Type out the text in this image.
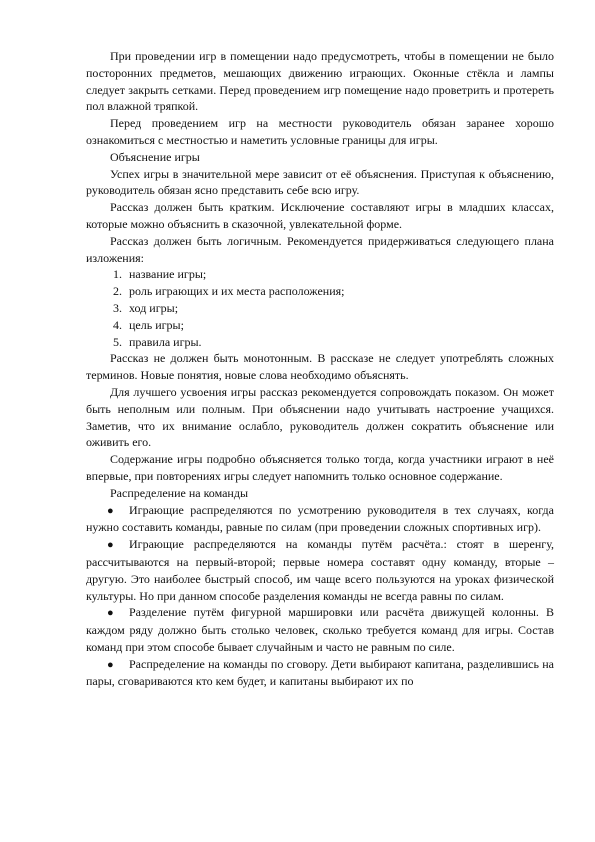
При проведении игр в помещении надо предусмотреть, чтобы в помещении не было посторонних предметов, мешающих движению играющих. Оконные стёкла и лампы следует закрыть сетками. Перед проведением игр помещение надо проветрить и протереть пол влажной тряпкой.

Перед проведением игр на местности руководитель обязан заранее хорошо ознакомиться с местностью и наметить условные границы для игры.

Объяснение игры

Успех игры в значительной мере зависит от её объяснения. Приступая к объяснению, руководитель обязан ясно представить себе всю игру.

Рассказ должен быть кратким. Исключение составляют игры в младших классах, которые можно объяснить в сказочной, увлекательной форме.

Рассказ должен быть логичным. Рекомендуется придерживаться следующего плана изложения:

1. название игры;
2. роль играющих и их места расположения;
3. ход игры;
4. цель игры;
5. правила игры.

Рассказ не должен быть монотонным. В рассказе не следует употреблять сложных терминов. Новые понятия, новые слова необходимо объяснять.

Для лучшего усвоения игры рассказ рекомендуется сопровождать показом. Он может быть неполным или полным. При объяснении надо учитывать настроение учащихся. Заметив, что их внимание ослабло, руководитель должен сократить объяснение или оживить его.

Содержание игры подробно объясняется только тогда, когда участники играют в неё впервые, при повторениях игры следует напомнить только основное содержание.

Распределение на команды

● Играющие распределяются по усмотрению руководителя в тех случаях, когда нужно составить команды, равные по силам (при проведении сложных спортивных игр).

● Играющие распределяются на команды путём расчёта.: стоят в шеренгу, рассчитываются на первый-второй; первые номера составят одну команду, вторые – другую. Это наиболее быстрый способ, им чаще всего пользуются на уроках физической культуры. Но при данном способе разделения команды не всегда равны по силам.

● Разделение путём фигурной маршировки или расчёта движущей колонны. В каждом ряду должно быть столько человек, сколько требуется команд для игры. Состав команд при этом способе бывает случайным и часто не равным по силе.

● Распределение на команды по сговору. Дети выбирают капитана, разделившись на пары, сговариваются кто кем будет, и капитаны выбирают их по
